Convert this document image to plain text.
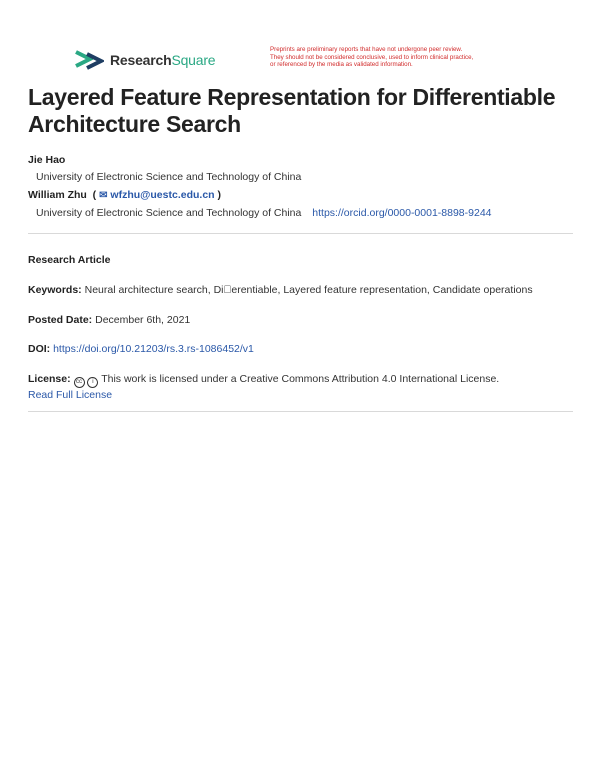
ResearchSquare
Preprints are preliminary reports that have not undergone peer review.
They should not be considered conclusive, used to inform clinical practice,
or referenced by the media as validated information.
Layered Feature Representation for Differentiable Architecture Search
Jie Hao
University of Electronic Science and Technology of China
William Zhu  ( ✉ wfzhu@uestc.edu.cn )
University of Electronic Science and Technology of China https://orcid.org/0000-0001-8898-9244
Research Article
Keywords: Neural architecture search, Di erentiable, Layered feature representation, Candidate operations
Posted Date: December 6th, 2021
DOI: https://doi.org/10.21203/rs.3.rs-1086452/v1
License: cc i This work is licensed under a Creative Commons Attribution 4.0 International License.
Read Full License
